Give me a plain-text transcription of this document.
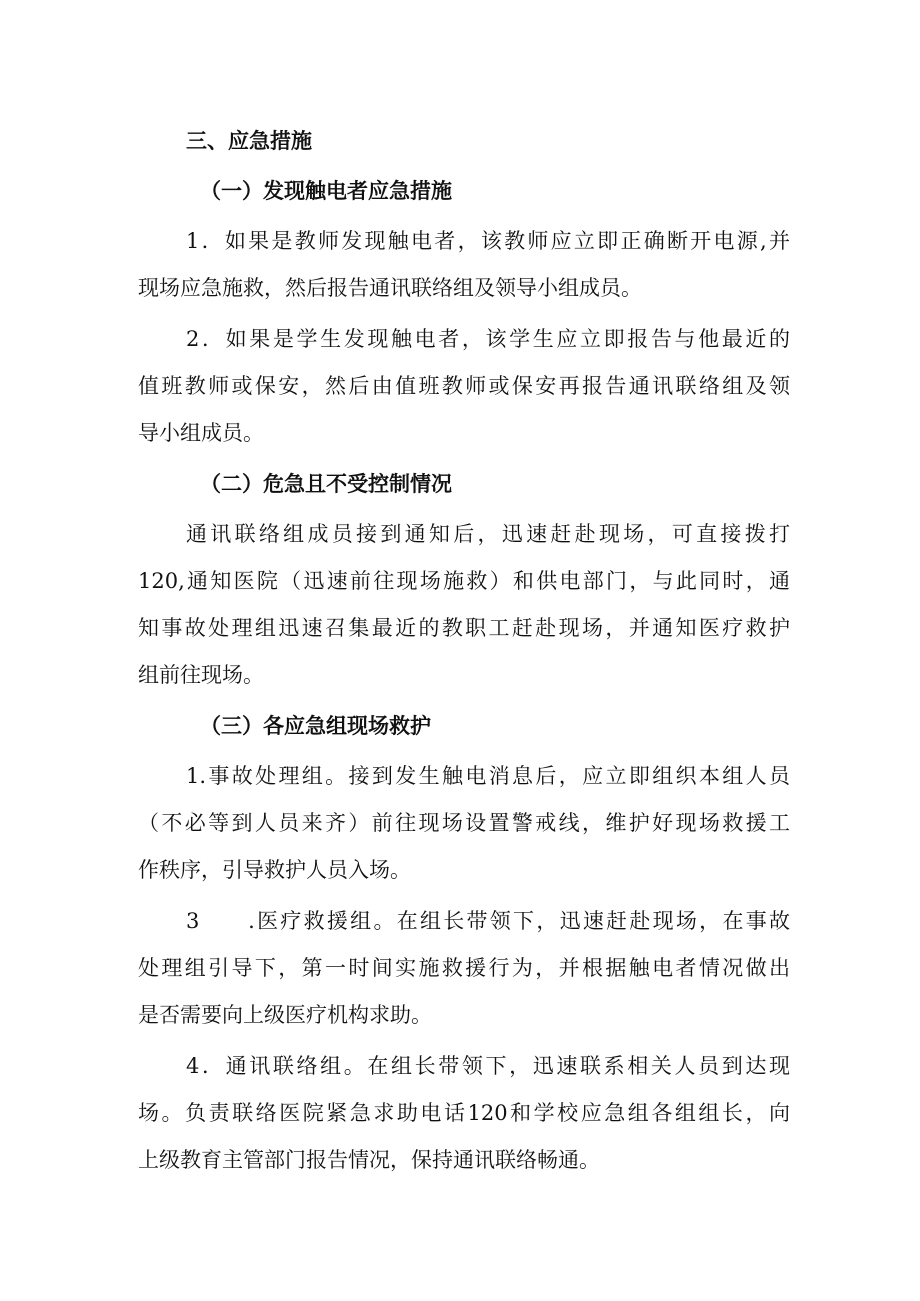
三、应急措施
（一）发现触电者应急措施
1．如果是教师发现触电者，该教师应立即正确断开电源,并
现场应急施救，然后报告通讯联络组及领导小组成员。
2．如果是学生发现触电者，该学生应立即报告与他最近的
值班教师或保安，然后由值班教师或保安再报告通讯联络组及领
导小组成员。
（二）危急且不受控制情况
通讯联络组成员接到通知后，迅速赶赴现场，可直接拨打
120,通知医院（迅速前往现场施救）和供电部门，与此同时，通
知事故处理组迅速召集最近的教职工赶赴现场，并通知医疗救护
组前往现场。
（三）各应急组现场救护
1.事故处理组。接到发生触电消息后，应立即组织本组人员
（不必等到人员来齐）前往现场设置警戒线，维护好现场救援工
作秩序，引导救护人员入场。
3　　.医疗救援组。在组长带领下，迅速赶赴现场，在事故
处理组引导下，第一时间实施救援行为，并根据触电者情况做出
是否需要向上级医疗机构求助。
4．通讯联络组。在组长带领下，迅速联系相关人员到达现
场。负责联络医院紧急求助电话120和学校应急组各组组长，向
上级教育主管部门报告情况，保持通讯联络畅通。
